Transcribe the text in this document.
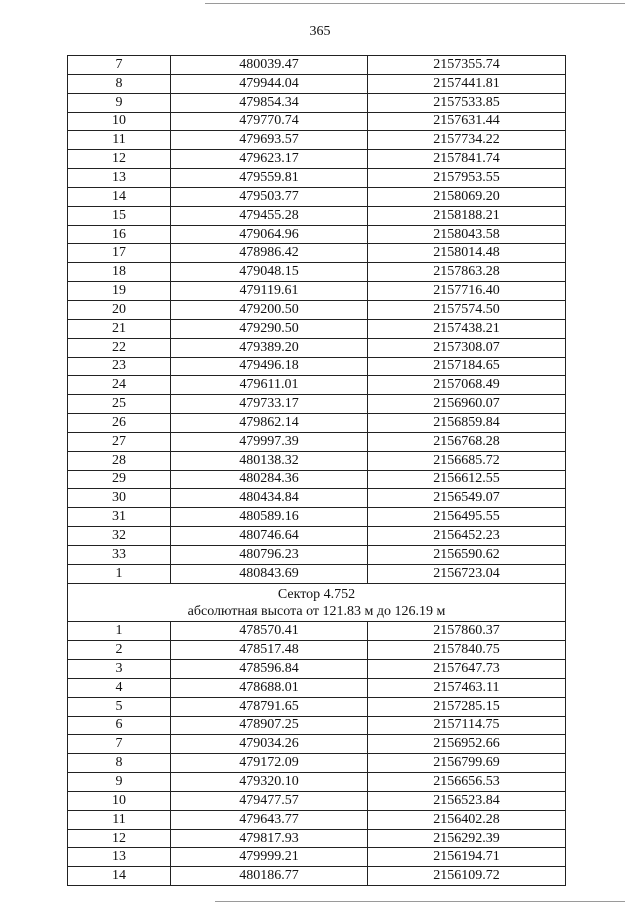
365
7	480039.47	2157355.74
8	479944.04	2157441.81
9	479854.34	2157533.85
10	479770.74	2157631.44
11	479693.57	2157734.22
12	479623.17	2157841.74
13	479559.81	2157953.55
14	479503.77	2158069.20
15	479455.28	2158188.21
16	479064.96	2158043.58
17	478986.42	2158014.48
18	479048.15	2157863.28
19	479119.61	2157716.40
20	479200.50	2157574.50
21	479290.50	2157438.21
22	479389.20	2157308.07
23	479496.18	2157184.65
24	479611.01	2157068.49
25	479733.17	2156960.07
26	479862.14	2156859.84
27	479997.39	2156768.28
28	480138.32	2156685.72
29	480284.36	2156612.55
30	480434.84	2156549.07
31	480589.16	2156495.55
32	480746.64	2156452.23
33	480796.23	2156590.62
1	480843.69	2156723.04
Сектор 4.752		
абсолютная высота от 121.83 м до 126.19 м		
1	478570.41	2157860.37
2	478517.48	2157840.75
3	478596.84	2157647.73
4	478688.01	2157463.11
5	478791.65	2157285.15
6	478907.25	2157114.75
7	479034.26	2156952.66
8	479172.09	2156799.69
9	479320.10	2156656.53
10	479477.57	2156523.84
11	479643.77	2156402.28
12	479817.93	2156292.39
13	479999.21	2156194.71
14	480186.77	2156109.72
